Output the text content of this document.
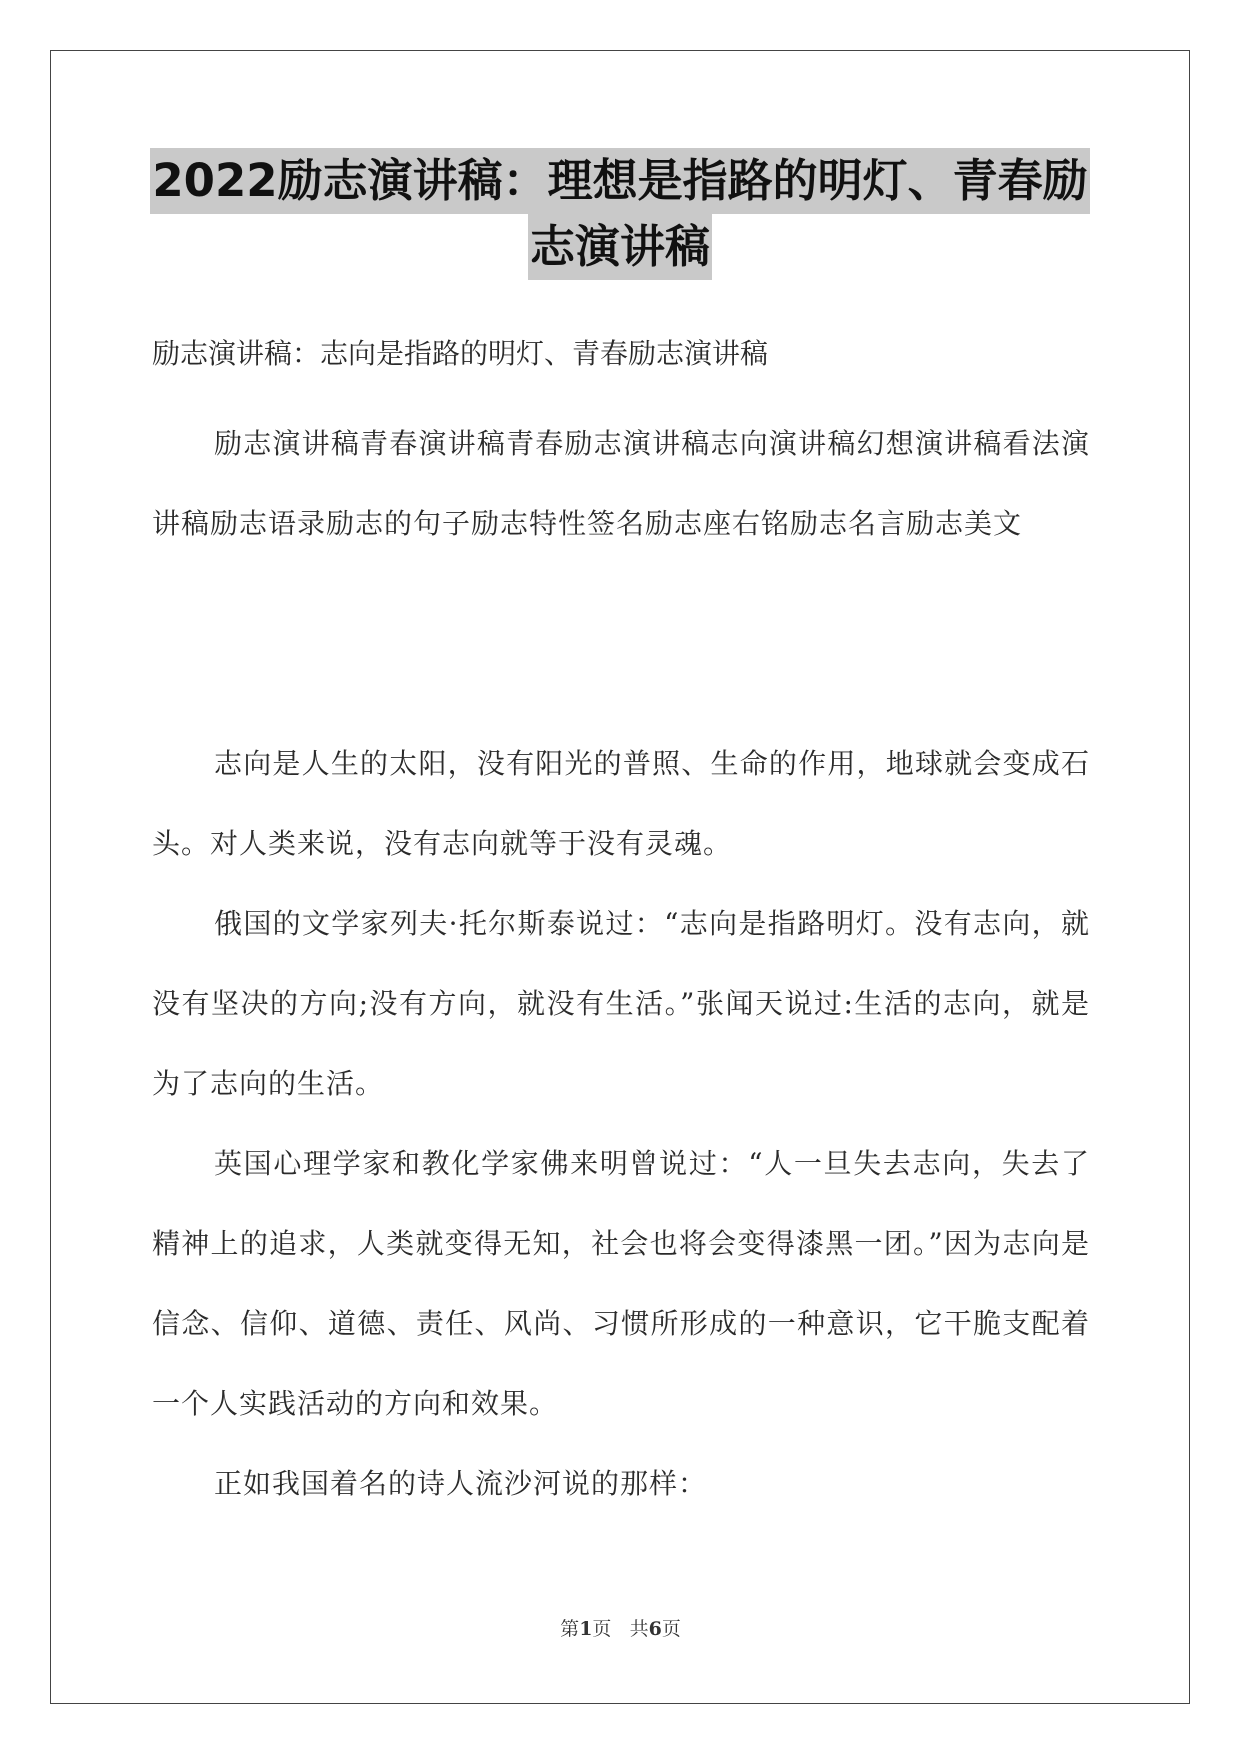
2022励志演讲稿：理想是指路的明灯、青春励
志演讲稿

励志演讲稿：志向是指路的明灯、青春励志演讲稿

励志演讲稿青春演讲稿青春励志演讲稿志向演讲稿幻想演讲稿看法演讲稿励志语录励志的句子励志特性签名励志座右铭励志名言励志美文

志向是人生的太阳，没有阳光的普照、生命的作用，地球就会变成石头。对人类来说，没有志向就等于没有灵魂。

俄国的文学家列夫·托尔斯泰说过：“志向是指路明灯。没有志向，就没有坚决的方向;没有方向，就没有生活。”张闻天说过:生活的志向，就是为了志向的生活。

英国心理学家和教化学家佛来明曾说过：“人一旦失去志向，失去了精神上的追求，人类就变得无知，社会也将会变得漆黑一团。”因为志向是信念、信仰、道德、责任、风尚、习惯所形成的一种意识，它干脆支配着一个人实践活动的方向和效果。

正如我国着名的诗人流沙河说的那样：

第1页 共6页
